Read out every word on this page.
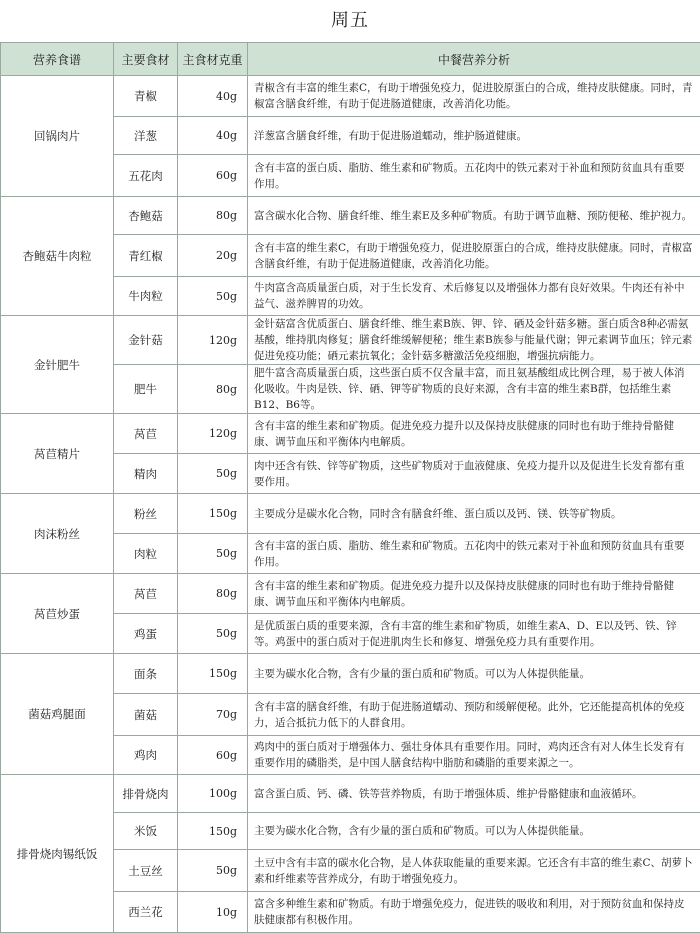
周五
营养食谱	主要食材	主食材克重	中餐营养分析
回锅肉片	青椒	40g	青椒含有丰富的维生素C，有助于增强免疫力，促进胶原蛋白的合成，维持皮肤健康。同时，青椒富含膳食纤维，有助于促进肠道健康，改善消化功能。
	洋葱	40g	洋葱富含膳食纤维，有助于促进肠道蠕动，维护肠道健康。
	五花肉	60g	含有丰富的蛋白质、脂肪、维生素和矿物质。五花肉中的铁元素对于补血和预防贫血具有重要作用。
杏鲍菇牛肉粒	杏鲍菇	80g	富含碳水化合物、膳食纤维、维生素E及多种矿物质。有助于调节血糖、预防便秘、维护视力。
	青红椒	20g	含有丰富的维生素C，有助于增强免疫力，促进胶原蛋白的合成，维持皮肤健康。同时，青椒富含膳食纤维，有助于促进肠道健康，改善消化功能。
	牛肉粒	50g	牛肉富含高质量蛋白质，对于生长发育、术后修复以及增强体力都有良好效果。牛肉还有补中益气、滋养脾胃的功效。
金针肥牛	金针菇	120g	金针菇富含优质蛋白、膳食纤维、维生素B族、钾、锌、硒及金针菇多糖。蛋白质含8种必需氨基酸，维持肌肉修复；膳食纤维缓解便秘；维生素B族参与能量代谢；钾元素调节血压；锌元素促进免疫功能；硒元素抗氧化；金针菇多糖激活免疫细胞，增强抗病能力。
	肥牛	80g	肥牛富含高质量蛋白质，这些蛋白质不仅含量丰富，而且氨基酸组成比例合理，易于被人体消化吸收。牛肉是铁、锌、硒、钾等矿物质的良好来源，含有丰富的维生素B群，包括维生素B12、B6等。
莴苣精片	莴苣	120g	含有丰富的维生素和矿物质。促进免疫力提升以及保持皮肤健康的同时也有助于维持骨骼健康、调节血压和平衡体内电解质。
	精肉	50g	肉中还含有铁、锌等矿物质，这些矿物质对于血液健康、免疫力提升以及促进生长发育都有重要作用。
肉沫粉丝	粉丝	150g	主要成分是碳水化合物，同时含有膳食纤维、蛋白质以及钙、镁、铁等矿物质。
	肉粒	50g	含有丰富的蛋白质、脂肪、维生素和矿物质。五花肉中的铁元素对于补血和预防贫血具有重要作用。
莴苣炒蛋	莴苣	80g	含有丰富的维生素和矿物质。促进免疫力提升以及保持皮肤健康的同时也有助于维持骨骼健康、调节血压和平衡体内电解质。
	鸡蛋	50g	是优质蛋白质的重要来源，含有丰富的维生素和矿物质，如维生素A、D、E以及钙、铁、锌等。鸡蛋中的蛋白质对于促进肌肉生长和修复、增强免疫力具有重要作用。
菌菇鸡腿面	面条	150g	主要为碳水化合物，含有少量的蛋白质和矿物质。可以为人体提供能量。
	菌菇	70g	含有丰富的膳食纤维，有助于促进肠道蠕动、预防和缓解便秘。此外，它还能提高机体的免疫力，适合抵抗力低下的人群食用。
	鸡肉	60g	鸡肉中的蛋白质对于增强体力、强壮身体具有重要作用。同时，鸡肉还含有对人体生长发育有重要作用的磷脂类，是中国人膳食结构中脂肪和磷脂的重要来源之一。
排骨烧肉锡纸饭	排骨烧肉	100g	富含蛋白质、钙、磷、铁等营养物质，有助于增强体质、维护骨骼健康和血液循环。
	米饭	150g	主要为碳水化合物，含有少量的蛋白质和矿物质。可以为人体提供能量。
	土豆丝	50g	土豆中含有丰富的碳水化合物，是人体获取能量的重要来源。它还含有丰富的维生素C、胡萝卜素和纤维素等营养成分，有助于增强免疫力。
	西兰花	10g	富含多种维生素和矿物质。有助于增强免疫力，促进铁的吸收和利用，对于预防贫血和保持皮肤健康都有积极作用。
